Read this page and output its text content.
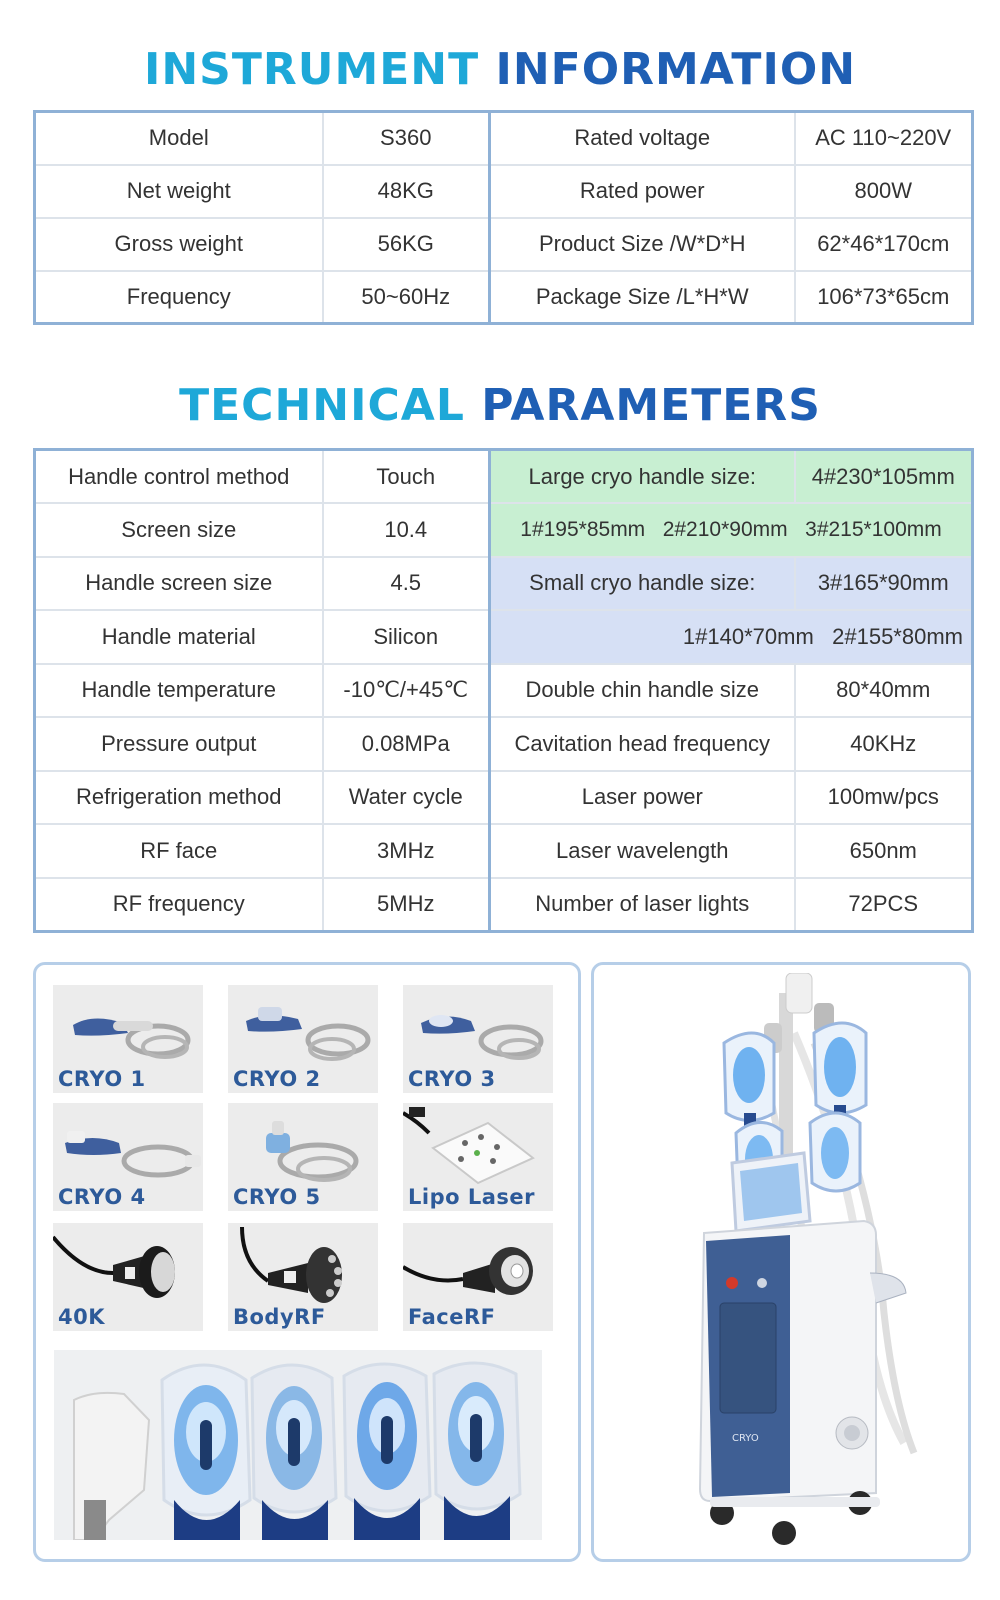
INSTRUMENT INFORMATION
Model	S360	Rated voltage	AC 110~220V
Net weight	48KG	Rated power	800W
Gross weight	56KG	Product Size /W*D*H	62*46*170cm
Frequency	50~60Hz	Package Size /L*H*W	106*73*65cm
TECHNICAL PARAMETERS
Handle control method	Touch	Large cryo handle size:	4#230*105mm
Screen size	10.4	1#195*85mm 2#210*90mm 3#215*100mm	
Handle screen size	4.5	Small cryo handle size:	3#165*90mm
Handle material	Silicon	1#140*70mm 2#155*80mm	
Handle temperature	-10℃/+45℃	Double chin handle size	80*40mm
Pressure output	0.08MPa	Cavitation head frequency	40KHz
Refrigeration method	Water cycle	Laser power	100mw/pcs
RF face	3MHz	Laser wavelength	650nm
RF frequency	5MHz	Number of laser lights	72PCS
CRYO 1	CRYO 2	CRYO 3
CRYO 4	CRYO 5	Lipo Laser
40K	BodyRF	FaceRF
CRYO
